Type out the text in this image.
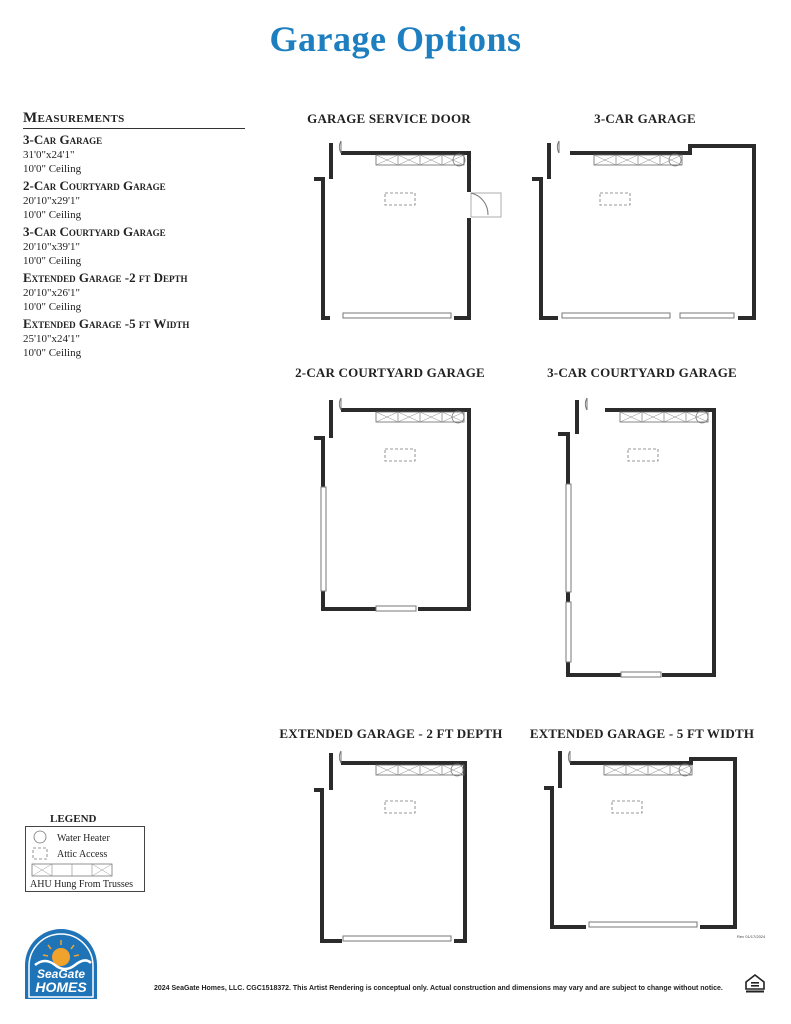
Garage Options
Measurements
3-Car Garage
31'0"x24'1"
10'0" Ceiling
2-Car Courtyard Garage
20'10"x29'1"
10'0" Ceiling
3-Car Courtyard Garage
20'10"x39'1"
10'0" Ceiling
Extended Garage -2 ft Depth
20'10"x26'1"
10'0" Ceiling
Extended Garage -5 ft Width
25'10"x24'1"
10'0" Ceiling
GARAGE SERVICE DOOR	3-CAR GARAGE
2-CAR COURTYARD GARAGE	3-CAR COURTYARD GARAGE
EXTENDED GARAGE - 2 FT DEPTH EXTENDED GARAGE - 5 FT WIDTH
LEGEND
Water Heater
Attic Access
AHU Hung From Trusses
SeaGate
HOMES	2024 SeaGate Homes, LLC. CGC1518372. This Artist Rendering is conceptual only. Actual construction and dimensions may vary and are subject to change without notice.
Rev 01/17/2024
